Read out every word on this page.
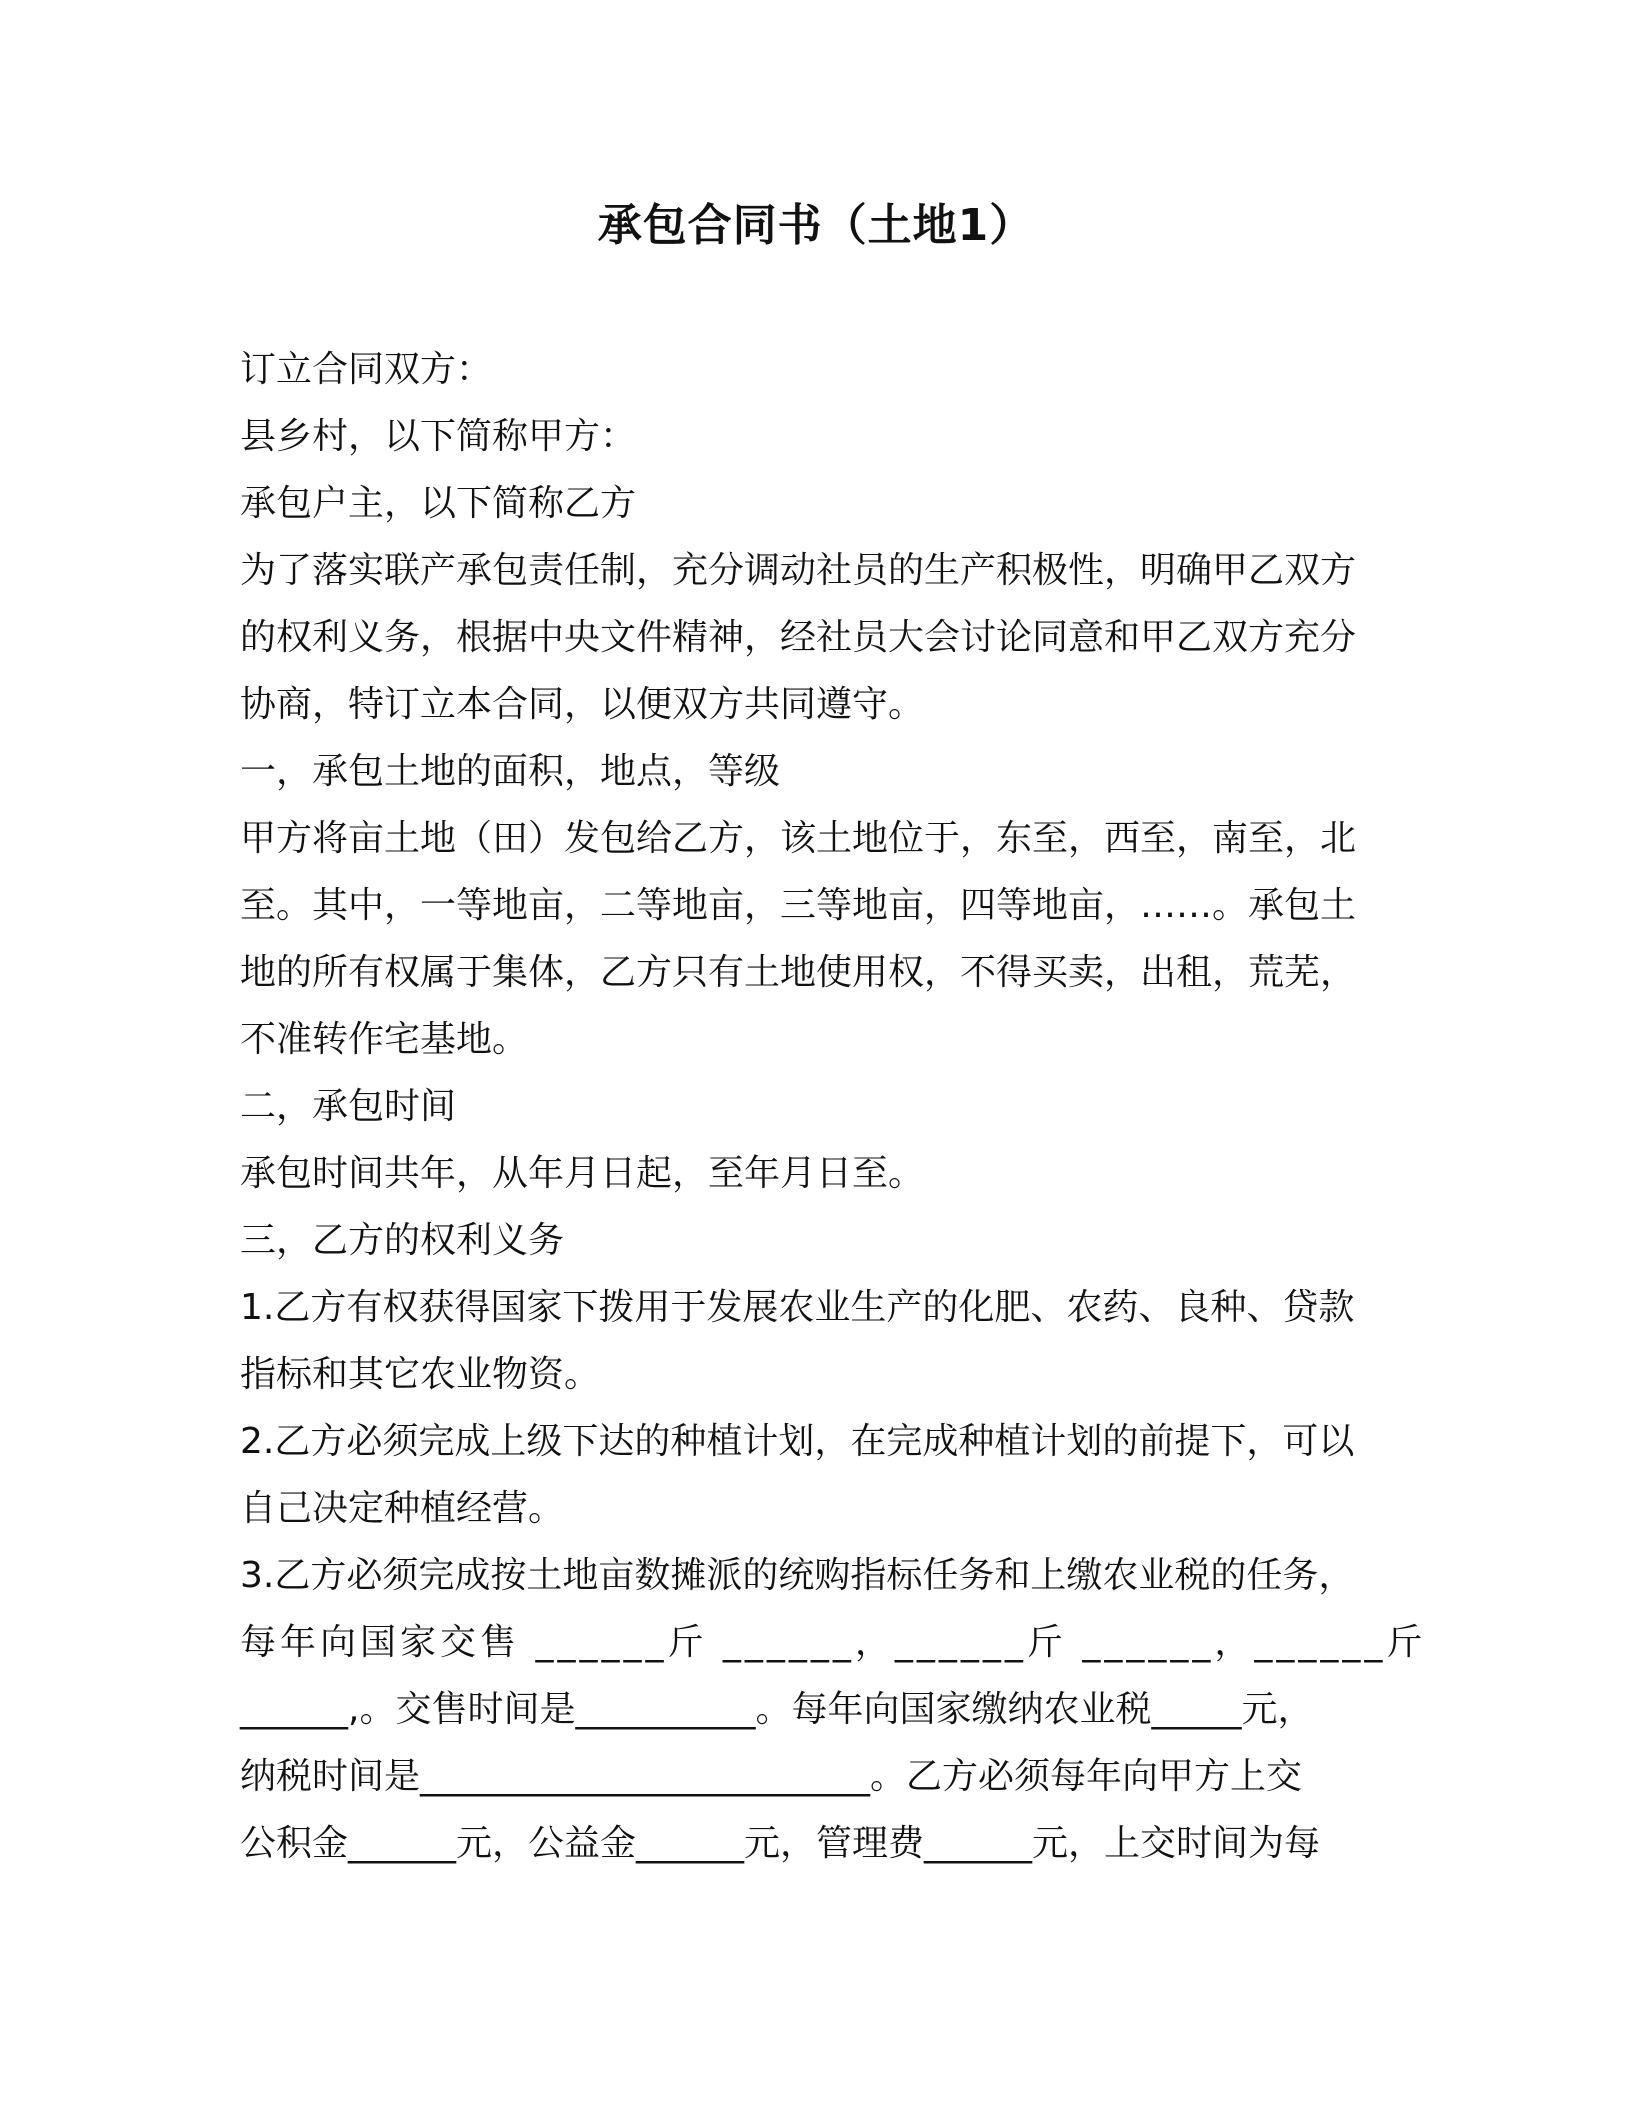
承包合同书（土地1）
订立合同双方：
县乡村，以下简称甲方：
承包户主，以下简称乙方
为了落实联产承包责任制，充分调动社员的生产积极性，明确甲乙双方
的权利义务，根据中央文件精神，经社员大会讨论同意和甲乙双方充分
协商，特订立本合同，以便双方共同遵守。
一，承包土地的面积，地点，等级
甲方将亩土地（田）发包给乙方，该土地位于，东至，西至，南至，北
至。其中，一等地亩，二等地亩，三等地亩，四等地亩，……。承包土
地的所有权属于集体，乙方只有土地使用权，不得买卖，出租，荒芜，
不准转作宅基地。
二，承包时间
承包时间共年，从年月日起，至年月日至。
三，乙方的权利义务
1.乙方有权获得国家下拨用于发展农业生产的化肥、农药、良种、贷款
指标和其它农业物资。
2.乙方必须完成上级下达的种植计划，在完成种植计划的前提下，可以
自己决定种植经营。
3.乙方必须完成按土地亩数摊派的统购指标任务和上缴农业税的任务，
每年向国家交售 ______斤 ______，______斤 ______，______斤
______,。交售时间是__________。每年向国家缴纳农业税_____元，
纳税时间是_________________________。乙方必须每年向甲方上交
公积金______元，公益金______元，管理费______元，上交时间为每
